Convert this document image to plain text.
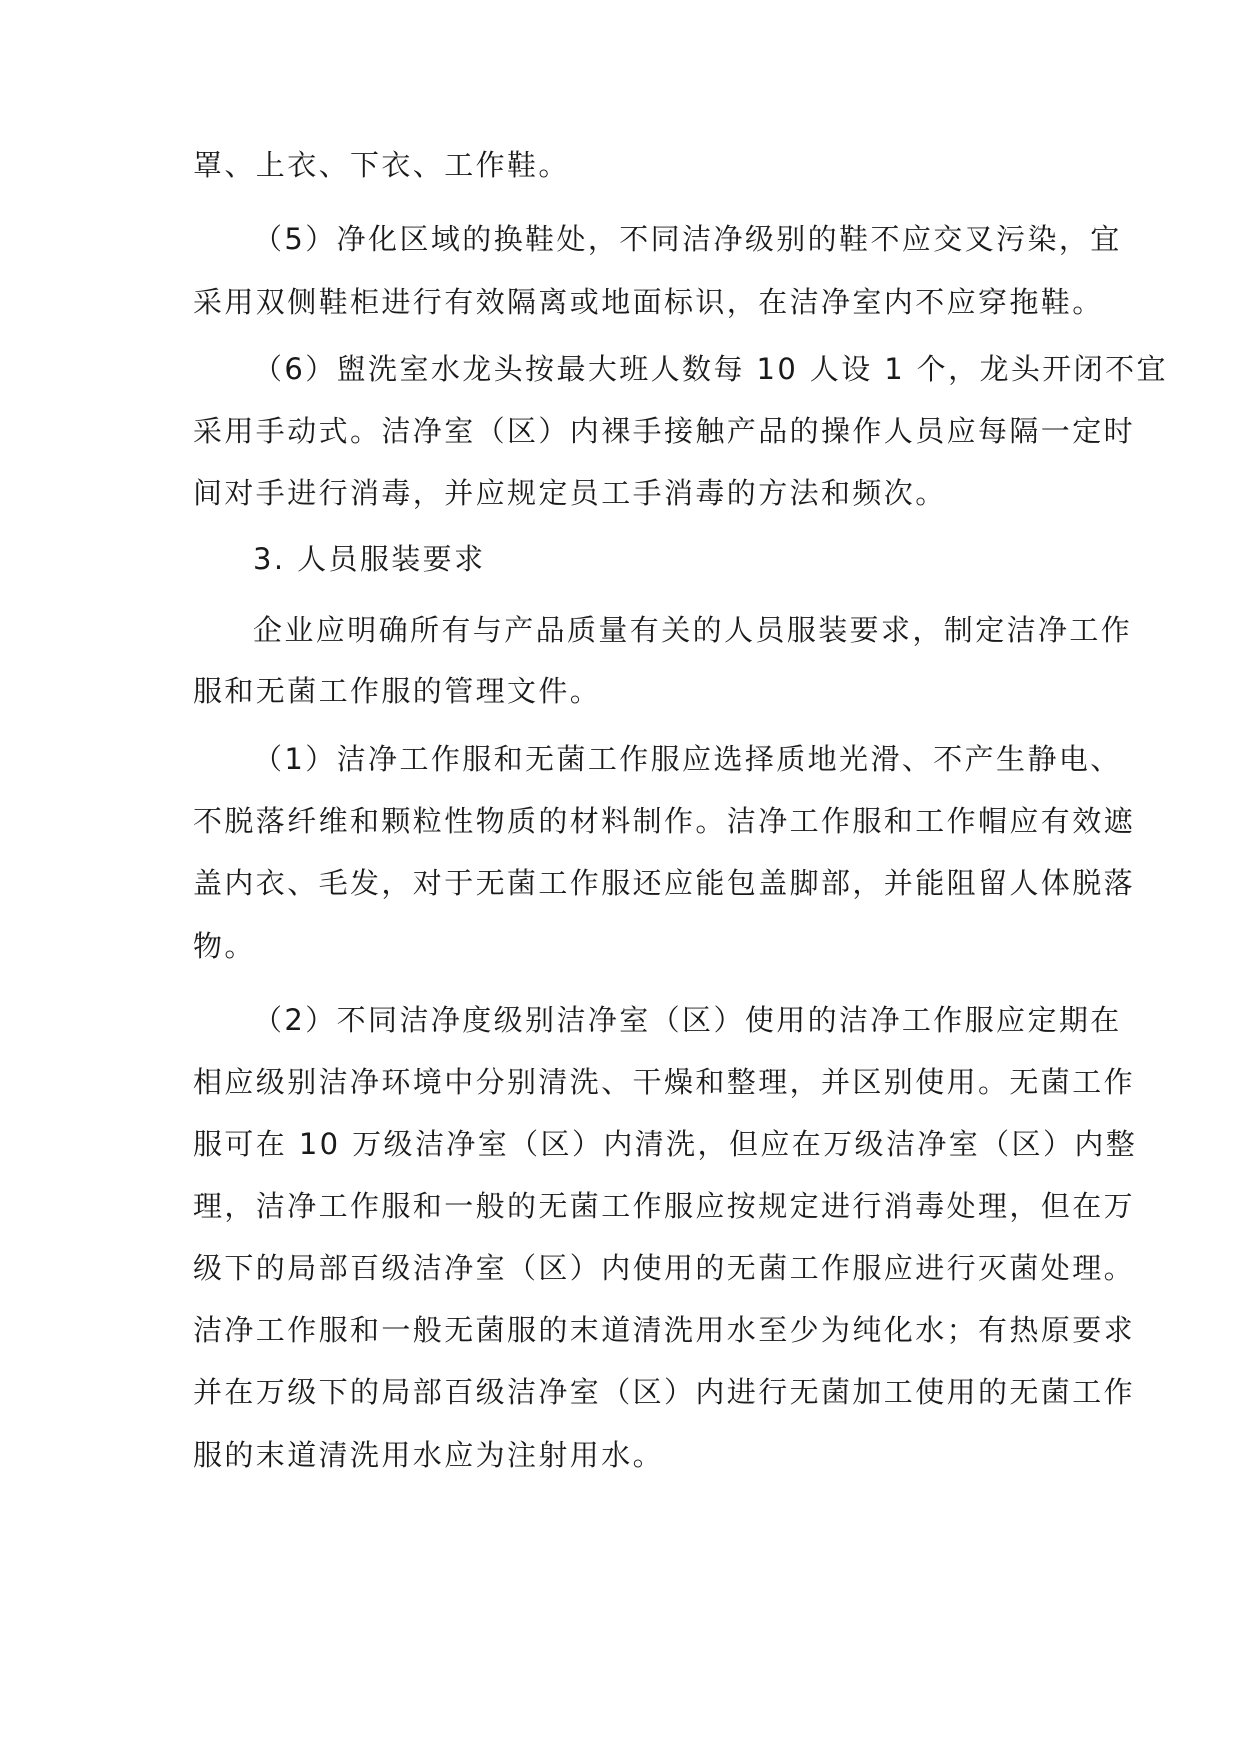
罩、上衣、下衣、工作鞋。
（5）净化区域的换鞋处，不同洁净级别的鞋不应交叉污染，宜
采用双侧鞋柜进行有效隔离或地面标识，在洁净室内不应穿拖鞋。
（6）盥洗室水龙头按最大班人数每 10 人设 1 个，龙头开闭不宜
采用手动式。洁净室（区）内裸手接触产品的操作人员应每隔一定时
间对手进行消毒，并应规定员工手消毒的方法和频次。
3. 人员服装要求
企业应明确所有与产品质量有关的人员服装要求，制定洁净工作
服和无菌工作服的管理文件。
（1）洁净工作服和无菌工作服应选择质地光滑、不产生静电、
不脱落纤维和颗粒性物质的材料制作。洁净工作服和工作帽应有效遮
盖内衣、毛发，对于无菌工作服还应能包盖脚部，并能阻留人体脱落
物。
（2）不同洁净度级别洁净室（区）使用的洁净工作服应定期在
相应级别洁净环境中分别清洗、干燥和整理，并区别使用。无菌工作
服可在 10 万级洁净室（区）内清洗，但应在万级洁净室（区）内整
理，洁净工作服和一般的无菌工作服应按规定进行消毒处理，但在万
级下的局部百级洁净室（区）内使用的无菌工作服应进行灭菌处理。
洁净工作服和一般无菌服的末道清洗用水至少为纯化水；有热原要求
并在万级下的局部百级洁净室（区）内进行无菌加工使用的无菌工作
服的末道清洗用水应为注射用水。
